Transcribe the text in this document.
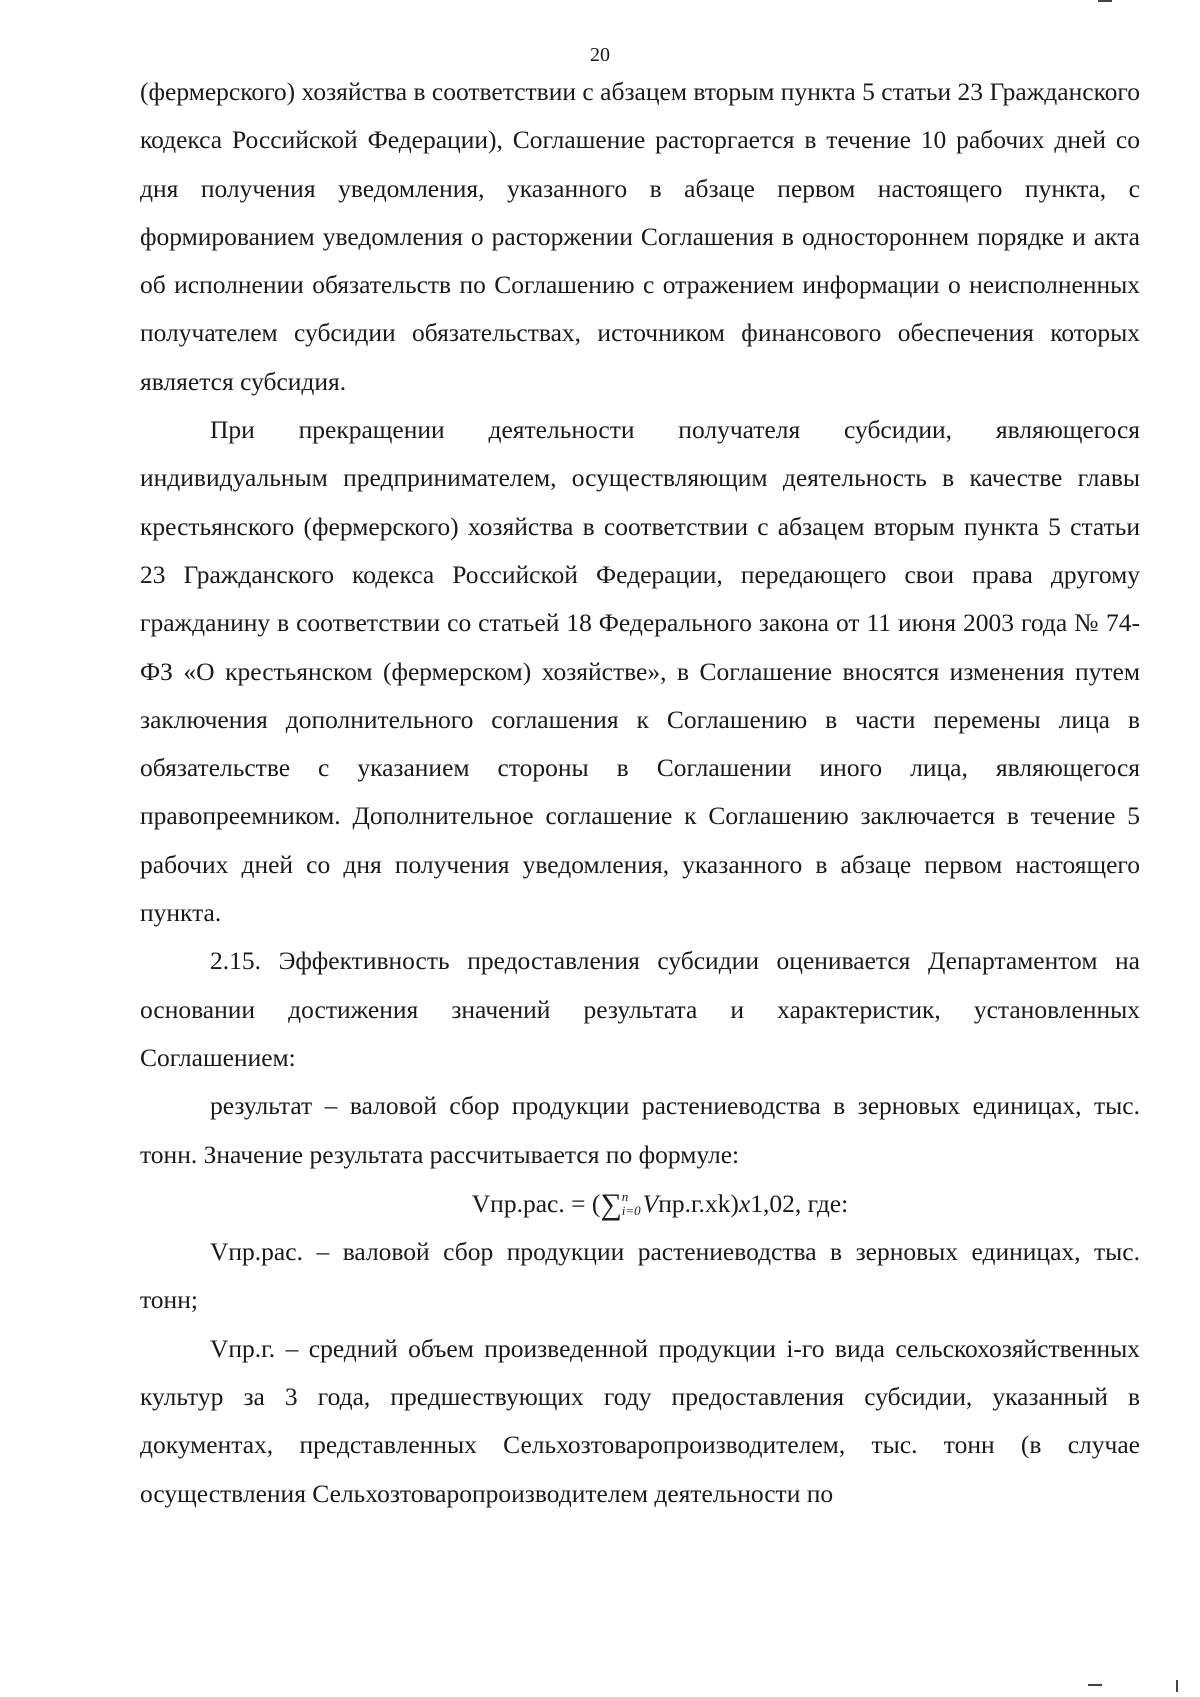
20

(фермерского) хозяйства в соответствии с абзацем вторым пункта 5 статьи 23 Гражданского кодекса Российской Федерации), Соглашение расторгается в течение 10 рабочих дней со дня получения уведомления, указанного в абзаце первом настоящего пункта, с формированием уведомления о расторжении Соглашения в одностороннем порядке и акта об исполнении обязательств по Соглашению с отражением информации о неисполненных получателем субсидии обязательствах, источником финансового обеспечения которых является субсидия.

При прекращении деятельности получателя субсидии, являющегося индивидуальным предпринимателем, осуществляющим деятельность в качестве главы крестьянского (фермерского) хозяйства в соответствии с абзацем вторым пункта 5 статьи 23 Гражданского кодекса Российской Федерации, передающего свои права другому гражданину в соответствии со статьей 18 Федерального закона от 11 июня 2003 года № 74-ФЗ «О крестьянском (фермерском) хозяйстве», в Соглашение вносятся изменения путем заключения дополнительного соглашения к Соглашению в части перемены лица в обязательстве с указанием стороны в Соглашении иного лица, являющегося правопреемником. Дополнительное соглашение к Соглашению заключается в течение 5 рабочих дней со дня получения уведомления, указанного в абзаце первом настоящего пункта.

2.15. Эффективность предоставления субсидии оценивается Департаментом на основании достижения значений результата и характеристик, установленных Соглашением:

результат – валовой сбор продукции растениеводства в зерновых единицах, тыс. тонн. Значение результата рассчитывается по формуле:

Vпр.рас. = (∑ n
i=0 Vпр.г.xk)x1,02, где:

Vпр.рас. – валовой сбор продукции растениеводства в зерновых единицах, тыс. тонн;

Vпр.г. – средний объем произведенной продукции i-го вида сельскохозяйственных культур за 3 года, предшествующих году предоставления субсидии, указанный в документах, представленных Сельхозтоваропроизводителем, тыс. тонн (в случае осуществления Сельхозтоваропроизводителем деятельности по
